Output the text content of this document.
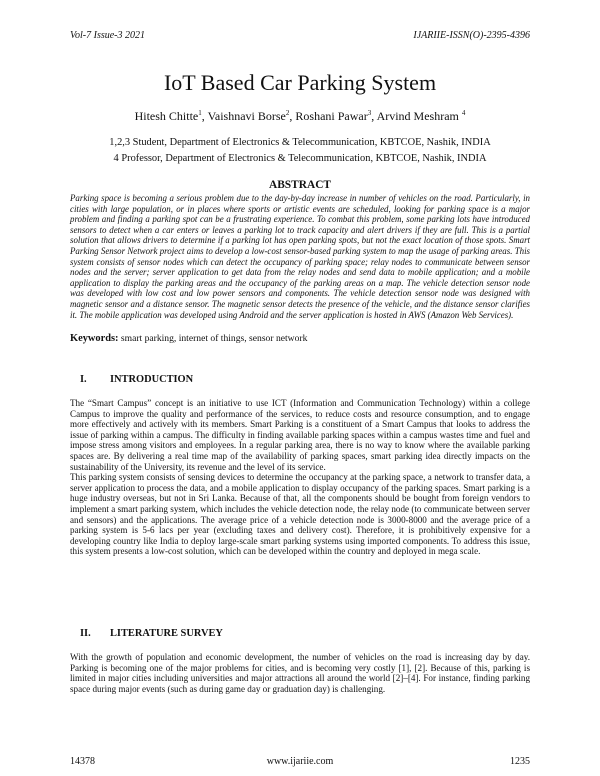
Vol-7 Issue-3 2021	IJARIIE-ISSN(O)-2395-4396
IoT Based Car Parking System
Hitesh Chitte$^1$, Vaishnavi Borse$^2$, Roshani Pawar$^3$, Arvind Meshram $^4$
1,2,3 Student, Department of Electronics & Telecommunication, KBTCOE, Nashik, INDIA
4 Professor, Department of Electronics & Telecommunication, KBTCOE, Nashik, INDIA
ABSTRACT
Parking space is becoming a serious problem due to the day-by-day increase in number of vehicles on the road. Particularly, in cities with large population, or in places where sports or artistic events are scheduled, looking for parking space is a major problem and finding a parking spot can be a frustrating experience. To combat this problem, some parking lots have introduced sensors to detect when a car enters or leaves a parking lot to track capacity and alert drivers if they are full. This is a partial solution that allows drivers to determine if a parking lot has open parking spots, but not the exact location of those spots. Smart Parking Sensor Network project aims to develop a low-cost sensor-based parking system to map the usage of parking areas. This system consists of sensor nodes which can detect the occupancy of parking space; relay nodes to communicate between sensor nodes and the server; server application to get data from the relay nodes and send data to mobile application; and a mobile application to display the parking areas and the occupancy of the parking areas on a map. The vehicle detection sensor node was developed with low cost and low power sensors and components. The vehicle detection sensor node was designed with magnetic sensor and a distance sensor. The magnetic sensor detects the presence of the vehicle, and the distance sensor clarifies it. The mobile application was developed using Android and the server application is hosted in AWS (Amazon Web Services).
Keywords: smart parking, internet of things, sensor network
I. INTRODUCTION

The “Smart Campus” concept is an initiative to use ICT (Information and Communication Technology) within a college Campus to improve the quality and performance of the services, to reduce costs and resource consumption, and to engage more effectively and actively with its members. Smart Parking is a constituent of a Smart Campus that looks to address the issue of parking within a campus. The difficulty in finding available parking spaces within a campus wastes time and fuel and impose stress among visitors and employees. In a regular parking area, there is no way to know where the available parking spaces are. By delivering a real time map of the availability of parking spaces, smart parking idea directly impacts on the sustainability of the University, its revenue and the level of its service.

This parking system consists of sensing devices to determine the occupancy at the parking space, a network to transfer data, a server application to process the data, and a mobile application to display occupancy of the parking spaces. Smart parking is a huge industry overseas, but not in Sri Lanka. Because of that, all the components should be bought from foreign vendors to implement a smart parking system, which includes the vehicle detection node, the relay node (to communicate between server and sensors) and the applications. The average price of a vehicle detection node is 3000-8000 and the average price of a parking system is 5-6 lacs per year (excluding taxes and delivery cost). Therefore, it is prohibitively expensive for a developing country like India to deploy large-scale smart parking systems using imported components. To address this issue, this system presents a low-cost solution, which can be developed within the country and deployed in mega scale.

II. LITERATURE SURVEY

With the growth of population and economic development, the number of vehicles on the road is increasing day by day. Parking is becoming one of the major problems for cities, and is becoming very costly [1], [2]. Because of this, parking is limited in major cities including universities and major attractions all around the world [2]–[4]. For instance, finding parking space during major events (such as during game day or graduation day) is challenging.

14378	www.ijariie.com	1235
